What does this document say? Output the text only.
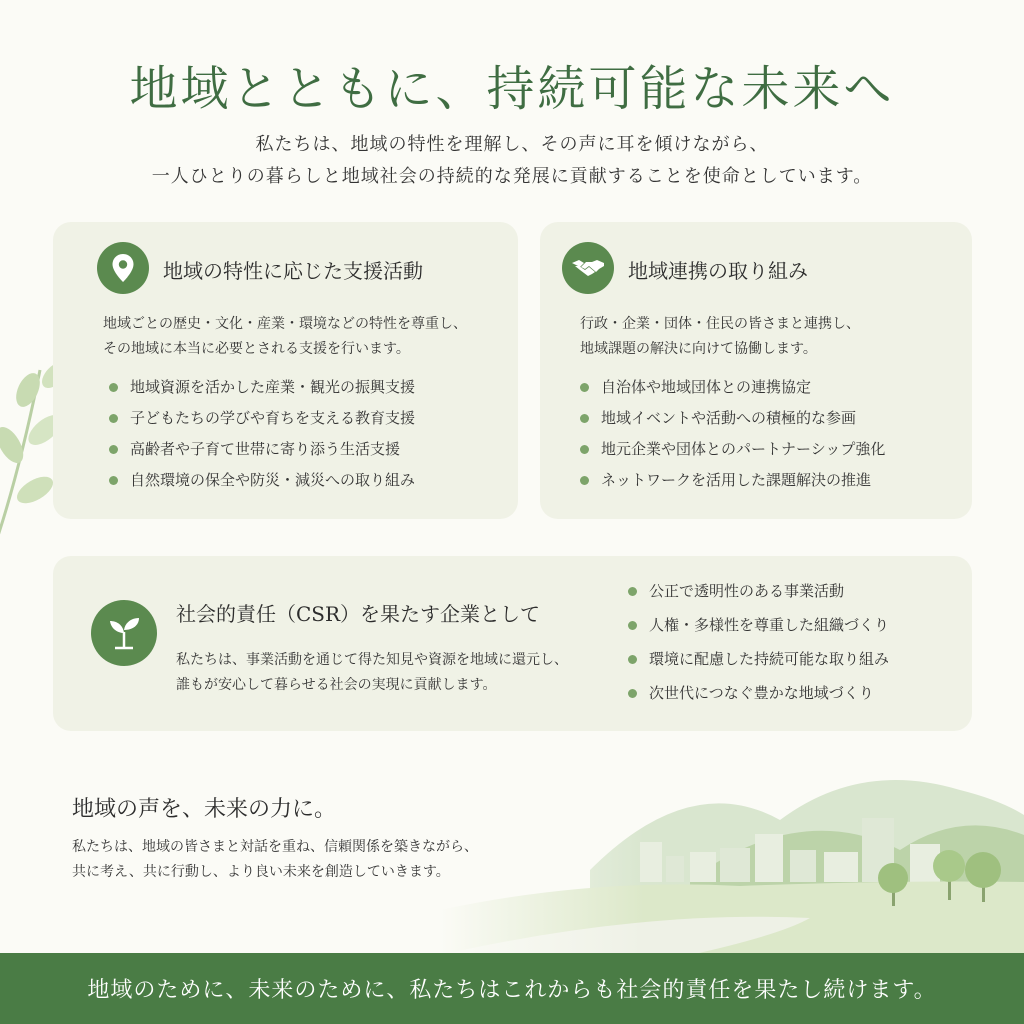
地域とともに、持続可能な未来へ
私たちは、地域の特性を理解し、その声に耳を傾けながら、
一人ひとりの暮らしと地域社会の持続的な発展に貢献することを使命としています。
地域の特性に応じた支援活動
地域ごとの歴史・文化・産業・環境などの特性を尊重し、
その地域に本当に必要とされる支援を行います。
地域資源を活かした産業・観光の振興支援
子どもたちの学びや育ちを支える教育支援
高齢者や子育て世帯に寄り添う生活支援
自然環境の保全や防災・減災への取り組み
地域連携の取り組み
行政・企業・団体・住民の皆さまと連携し、
地域課題の解決に向けて協働します。
自治体や地域団体との連携協定
地域イベントや活動への積極的な参画
地元企業や団体とのパートナーシップ強化
ネットワークを活用した課題解決の推進
社会的責任（CSR）を果たす企業として
私たちは、事業活動を通じて得た知見や資源を地域に還元し、
誰もが安心して暮らせる社会の実現に貢献します。
公正で透明性のある事業活動
人権・多様性を尊重した組織づくり
環境に配慮した持続可能な取り組み
次世代につなぐ豊かな地域づくり
地域の声を、未来の力に。
私たちは、地域の皆さまと対話を重ね、信頼関係を築きながら、
共に考え、共に行動し、より良い未来を創造していきます。
地域のために、未来のために、私たちはこれからも社会的責任を果たし続けます。
